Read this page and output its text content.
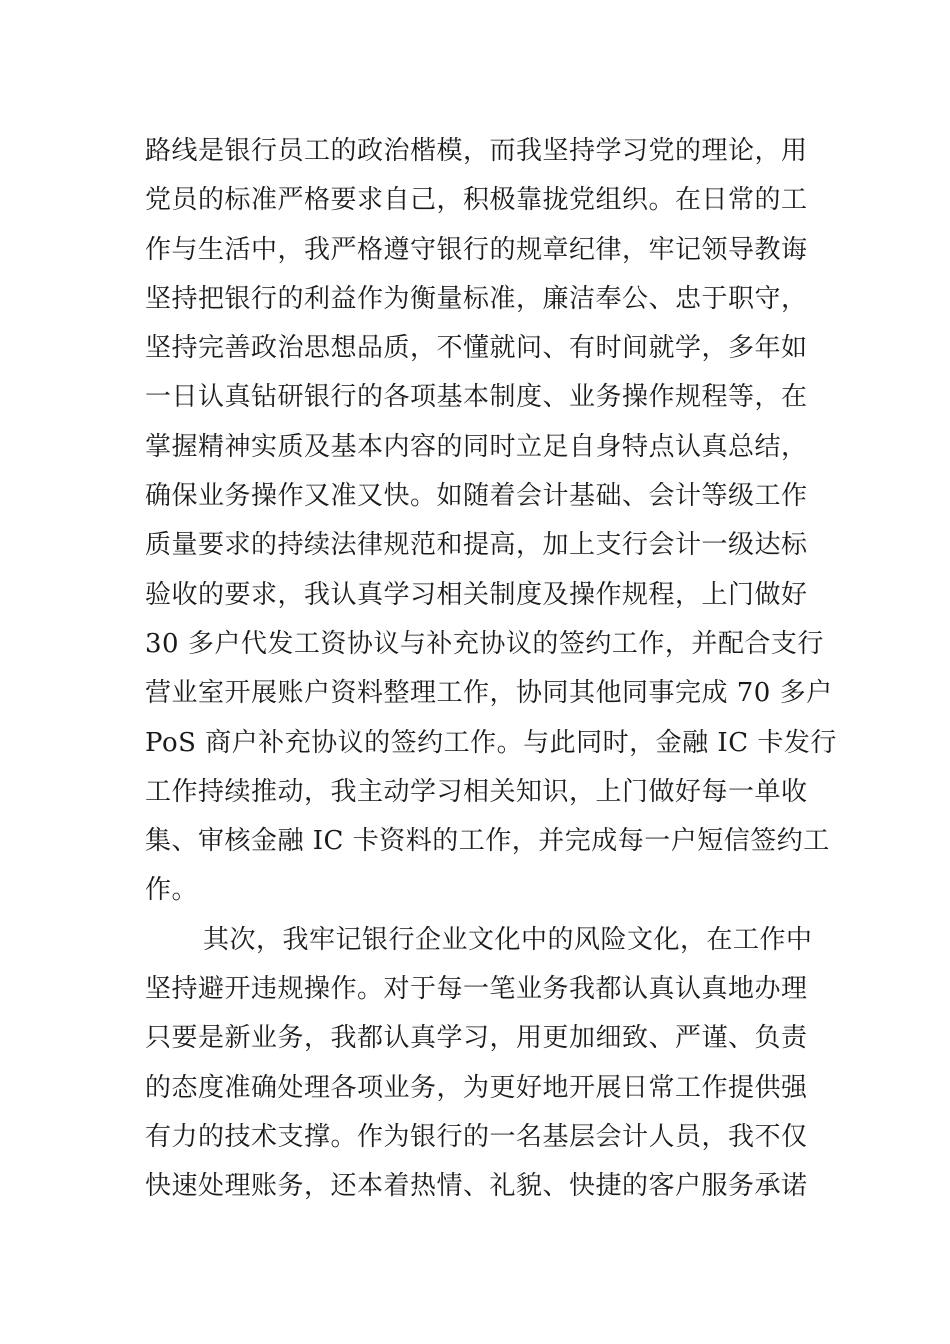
路线是银行员工的政治楷模，而我坚持学习党的理论，用
党员的标准严格要求自己，积极靠拢党组织。在日常的工
作与生活中，我严格遵守银行的规章纪律，牢记领导教诲
坚持把银行的利益作为衡量标准，廉洁奉公、忠于职守，
坚持完善政治思想品质，不懂就问、有时间就学，多年如
一日认真钻研银行的各项基本制度、业务操作规程等，在
掌握精神实质及基本内容的同时立足自身特点认真总结，
确保业务操作又准又快。如随着会计基础、会计等级工作
质量要求的持续法律规范和提高，加上支行会计一级达标
验收的要求，我认真学习相关制度及操作规程，上门做好
30 多户代发工资协议与补充协议的签约工作，并配合支行
营业室开展账户资料整理工作，协同其他同事完成 70 多户
PoS 商户补充协议的签约工作。与此同时，金融 IC 卡发行
工作持续推动，我主动学习相关知识，上门做好每一单收
集、审核金融 IC 卡资料的工作，并完成每一户短信签约工
作。
其次，我牢记银行企业文化中的风险文化，在工作中
坚持避开违规操作。对于每一笔业务我都认真认真地办理
只要是新业务，我都认真学习，用更加细致、严谨、负责
的态度准确处理各项业务，为更好地开展日常工作提供强
有力的技术支撑。作为银行的一名基层会计人员，我不仅
快速处理账务，还本着热情、礼貌、快捷的客户服务承诺
